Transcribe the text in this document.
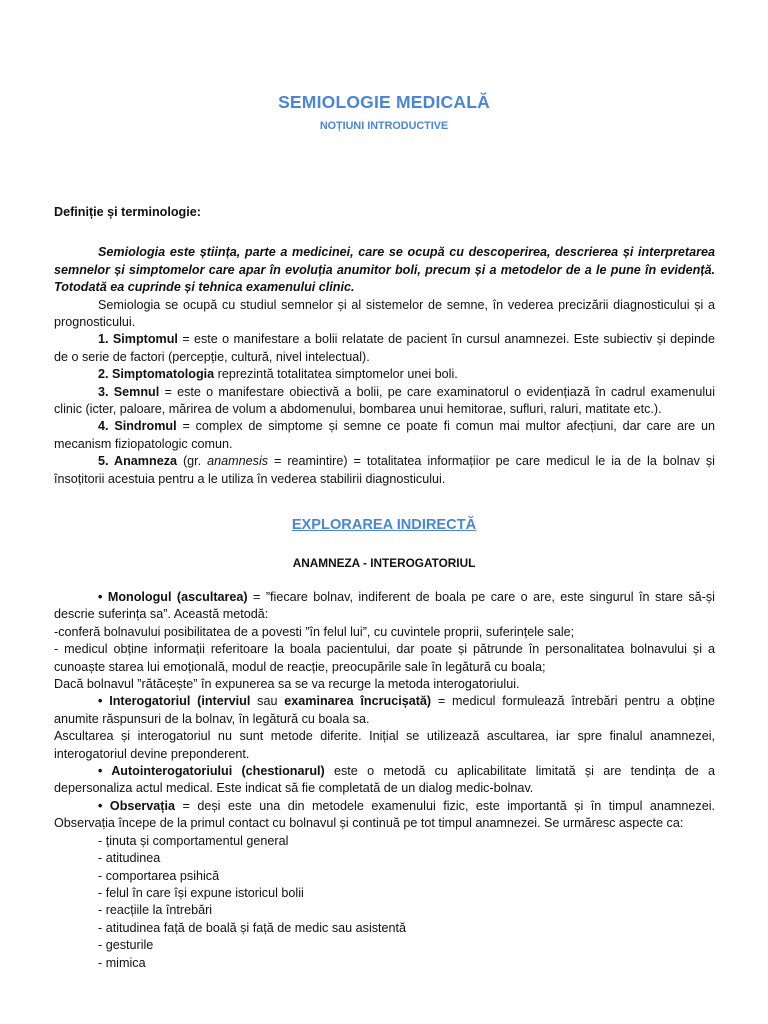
SEMIOLOGIE MEDICALĂ
NOȚIUNI INTRODUCTIVE

Definiție și terminologie:

Semiologia este știința, parte a medicinei, care se ocupă cu descoperirea, descrierea și interpretarea semnelor și simptomelor care apar în evoluția anumitor boli, precum și a metodelor de a le pune în evidență. Totodată ea cuprinde și tehnica examenului clinic.

Semiologia se ocupă cu studiul semnelor și al sistemelor de semne, în vederea precizării diagnosticului și a prognosticului.

1. Simptomul = este o manifestare a bolii relatate de pacient în cursul anamnezei. Este subiectiv și depinde de o serie de factori (percepție, cultură, nivel intelectual).

2. Simptomatologia reprezintă totalitatea simptomelor unei boli.

3. Semnul = este o manifestare obiectivă a bolii, pe care examinatorul o evidențiază în cadrul examenului clinic (icter, paloare, mărirea de volum a abdomenului, bombarea unui hemitorae, sufluri, raluri, matitate etc.).

4. Sindromul = complex de simptome și semne ce poate fi comun mai multor afecțiuni, dar care are un mecanism fiziopatologic comun.

5. Anamneza (gr. anamnesis = reamintire) = totalitatea informațiior pe care medicul le ia de la bolnav și însoțitorii acestuia pentru a le utiliza în vederea stabilirii diagnosticului.

EXPLORAREA INDIRECTĂ
ANAMNEZA - INTEROGATORIUL

• Monologul (ascultarea) = ”fiecare bolnav, indiferent de boala pe care o are, este singurul în stare să-și descrie suferința sa”. Această metodă:

-conferă bolnavului posibilitatea de a povesti ”în felul lui”, cu cuvintele proprii, suferințele sale;

- medicul obține informații referitoare la boala pacientului, dar poate și pătrunde în personalitatea bolnavului și a cunoaște starea lui emoțională, modul de reacție, preocupările sale în legătură cu boala;

Dacă bolnavul ”rătăcește” în expunerea sa se va recurge la metoda interogatoriului.

• Interogatoriul (interviul sau examinarea încrucișată) = medicul formulează întrebări pentru a obține anumite răspunsuri de la bolnav, în legătură cu boala sa.

Ascultarea și interogatoriul nu sunt metode diferite. Inițial se utilizează ascultarea, iar spre finalul anamnezei, interogatoriul devine preponderent.

• Autointerogatoriului (chestionarul) este o metodă cu aplicabilitate limitată și are tendința de a depersonaliza actul medical. Este indicat să fie completată de un dialog medic-bolnav.

• Observația = deși este una din metodele examenului fizic, este importantă și în timpul anamnezei. Observația începe de la primul contact cu bolnavul și continuă pe tot timpul anamnezei. Se urmăresc aspecte ca:

- ținuta și comportamentul general
- atitudinea
- comportarea psihică
- felul în care își expune istoricul bolii
- reacțiile la întrebări
- atitudinea față de boală și față de medic sau asistentă
- gesturile
- mimica
